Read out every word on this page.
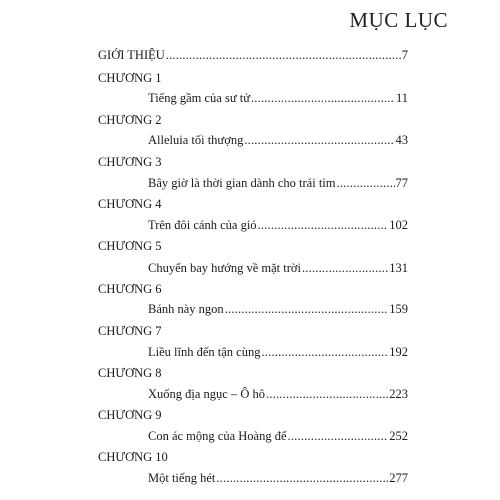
MỤC LỤC
GIỚI THIỆU .....	7
CHƯƠNG 1
Tiếng gầm của sư tử .....	11
CHƯƠNG 2
Alleluia tối thượng .....	43
CHƯƠNG 3
Bây giờ là thời gian dành cho trái tim .....	77
CHƯƠNG 4
Trên đôi cánh của gió .....	102
CHƯƠNG 5
Chuyến bay hướng về mặt trời .....	131
CHƯƠNG 6
Bánh này ngon .....	159
CHƯƠNG 7
Liều lĩnh đến tận cùng .....	192
CHƯƠNG 8
Xuống địa ngục – Ô hô .....	223
CHƯƠNG 9
Con ác mộng của Hoàng đế .....	252
CHƯƠNG 10
Một tiếng hét .....	277
